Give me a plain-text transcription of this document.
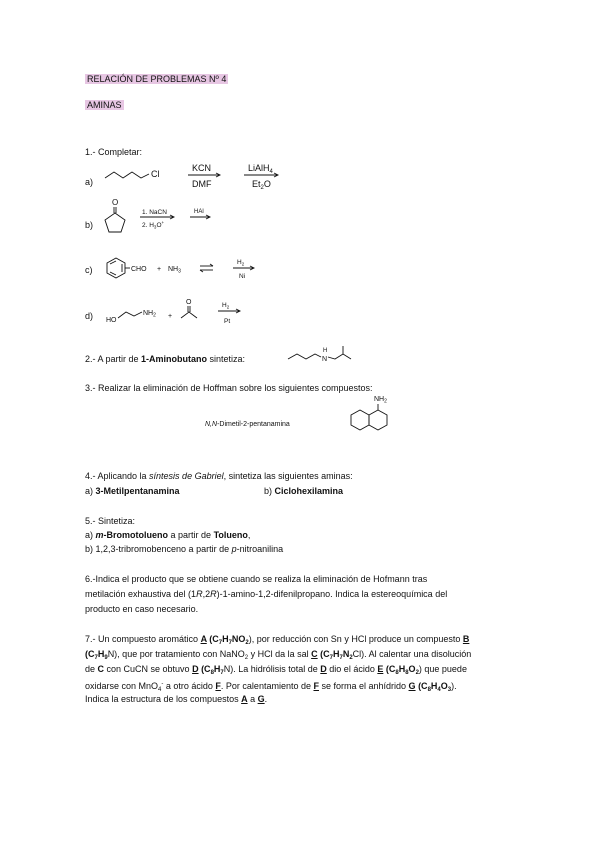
RELACIÓN DE PROBLEMAS Nº 4
AMINAS
1.- Completar:
a)
Cl
KCN
DMF
LiAlH$_4$
$Et_2O$
b)
O
1. NaCN
2. $H_3O^+$
HAl
c)	CHO + $NH_3$
$H_2$
Ni
d) HO
$NH_2$ +
O	$H_2$
Pt
2.- A partir de 1-Aminobutano sintetiza:	N
H
3.- Realizar la eliminación de Hoffman sobre los siguientes compuestos:
N,N-Dimetil-2-pentanamina
$NH_2$
4.- Aplicando la síntesis de Gabriel, sintetiza las siguientes aminas:
a) 3-Metilpentanamina	b) Ciclohexilamina
5.- Sintetiza:
a) m-Bromotolueno a partir de Tolueno,
b) 1,2,3-tribromobenceno a partir de p-nitroanilina
6.-Indica el producto que se obtiene cuando se realiza la eliminación de Hofmann tras
metilación exhaustiva del (1R,2R)-1-amino-1,2-difenilpropano. Indica la estereoquímica del
producto en caso necesario.
7.- Un compuesto aromático A $(C_7H_7NO_2)$, por reducción con Sn y HCl produce un compuesto B
$(C_7H_9N)$, que por tratamiento con NaNO$_2$ y HCl da la sal C $(C_7H_7N_2Cl)$. Al calentar una disolución
de C con CuCN se obtuvo D $(C_8H_7N)$. La hidrólisis total de D dio el ácido E $(C_8H_8O_2)$ que puede
oxidarse con MnO$_4$- a otro ácido F. Por calentamiento de F se forma el anhídrido G $(C_8H_4O_3)$.
Indica la estructura de los compuestos A a G.
